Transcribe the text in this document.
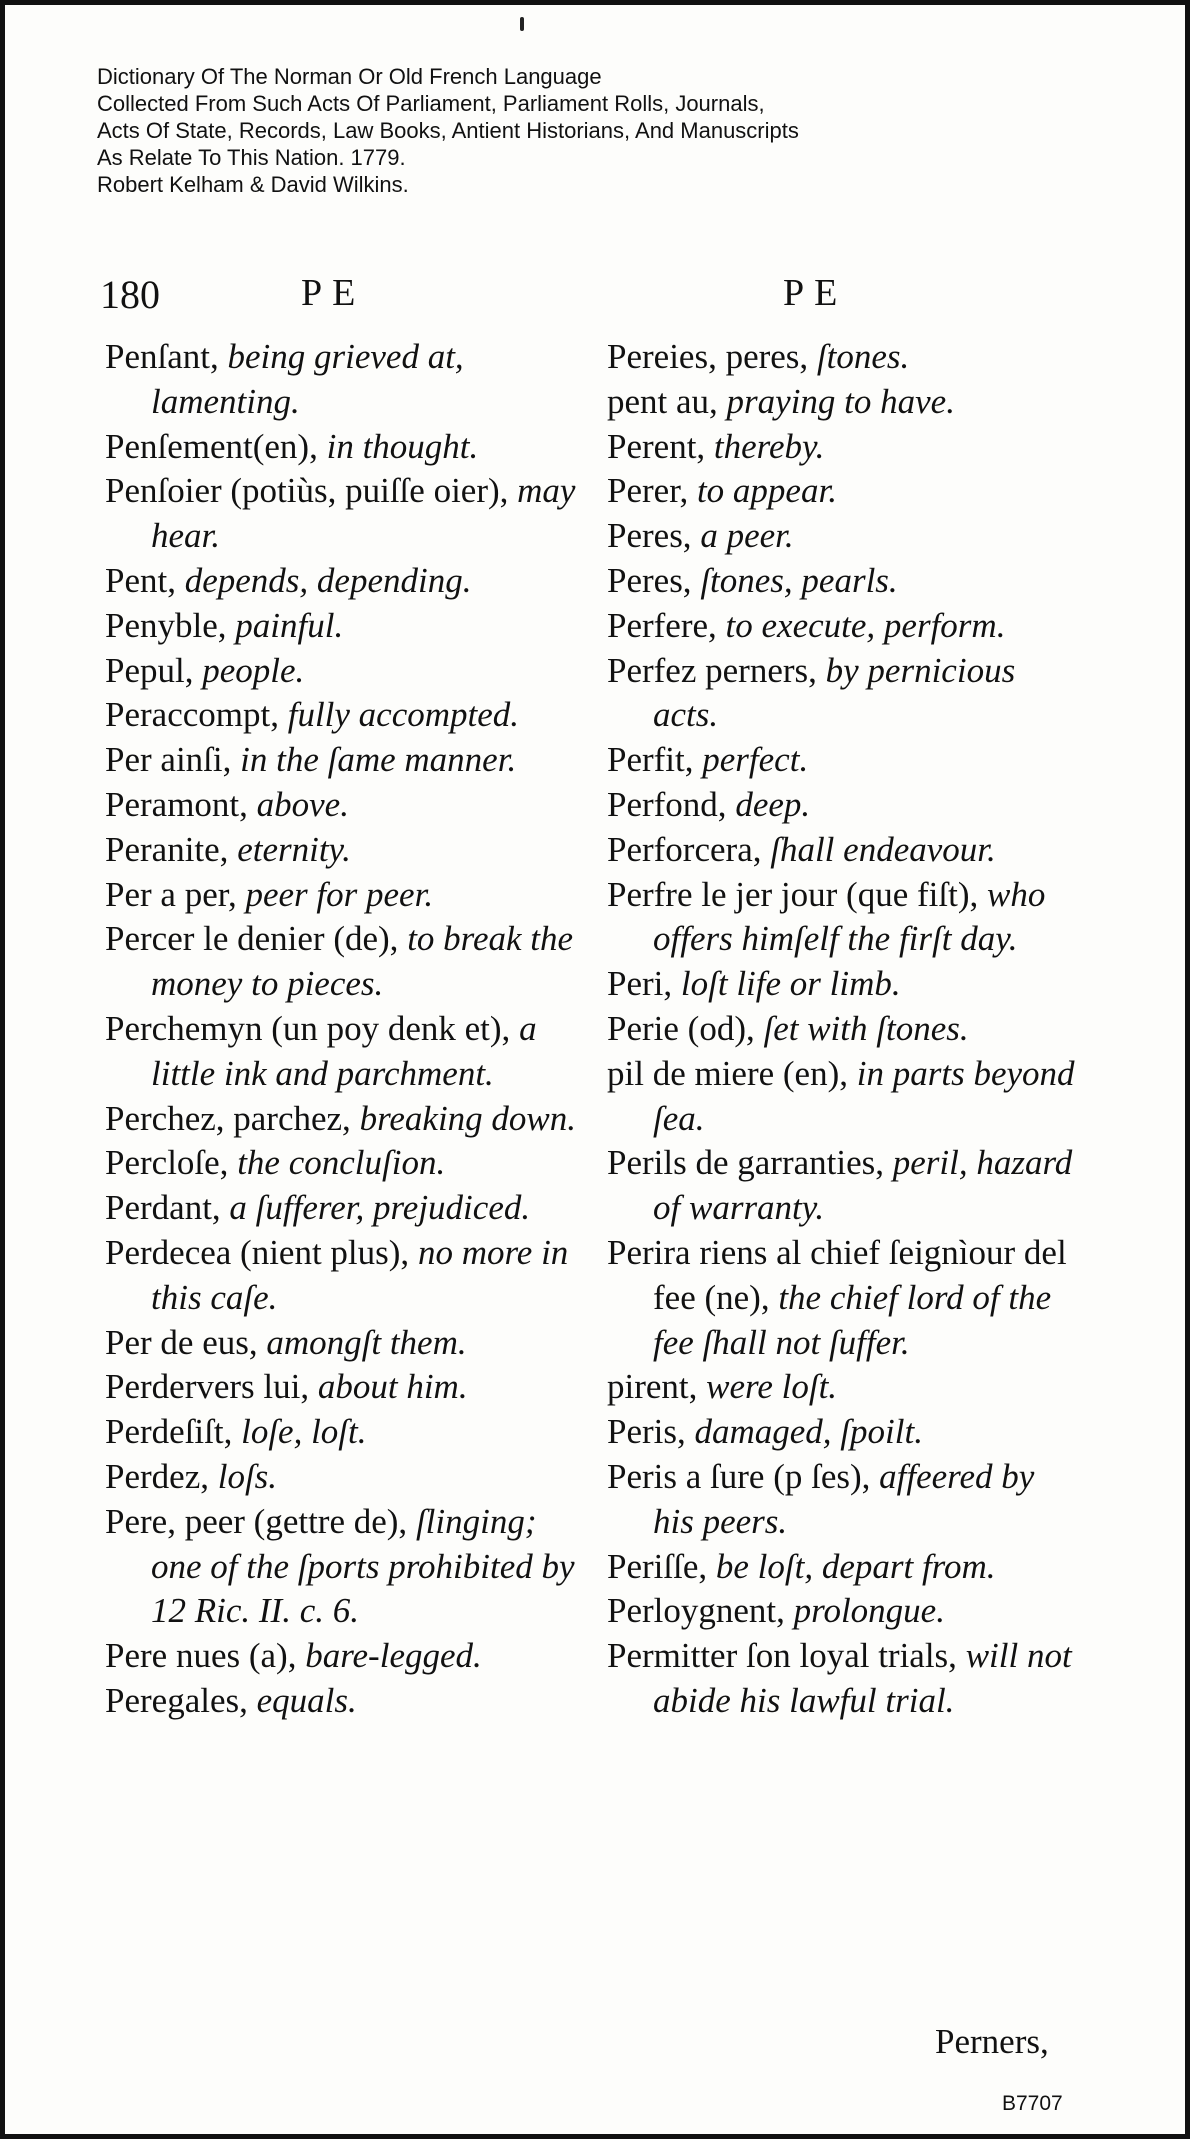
Dictionary Of The Norman Or Old French Language
Collected From Such Acts Of Parliament, Parliament Rolls, Journals,
Acts Of State, Records, Law Books, Antient Historians, And Manuscripts
As Relate To This Nation. 1779.
Robert Kelham & David Wilkins.
180	PE	PE

Penſant, being grieved at, lamenting.

Penſement(en), in thought.

Penſoier (potiùs, puiſſe oier), may hear.

Pent, depends, depending.

Penyble, painful.

Pepul, people.

Peraccompt, fully accompted.

Per ainſi, in the ſame manner.

Peramont, above.

Peranite, eternity.

Per a per, peer for peer.

Percer le denier (de), to break the money to pieces.

Perchemyn (un poy denk et), a little ink and parchment.

Perchez, parchez, breaking down.

Percloſe, the concluſion.

Perdant, a ſufferer, prejudiced.

Perdecea (nient plus), no more in this caſe.

Per de eus, amongſt them.

Perdervers lui, about him.

Perdeſiſt, loſe, loſt.

Perdez, loſs.

Pere, peer (gettre de), ſlinging; one of the ſports prohibited by 12 Ric. II. c. 6.

Pere nues (a), bare-legged.

Peregales, equals.

Pereies, peres, ſtones.

pent au, praying to have.

Perent, thereby.

Perer, to appear.

Peres, a peer.

Peres, ſtones, pearls.

Perfere, to execute, perform.

Perfez perners, by pernicious acts.

Perfit, perfect.

Perfond, deep.

Perforcera, ſhall endeavour.

Perfre le jer jour (que fiſt), who offers himſelf the firſt day.

Peri, loſt life or limb.

Perie (od), ſet with ſtones.

pil de miere (en), in parts beyond ſea.

Perils de garranties, peril, hazard of warranty.

Perira riens al chief ſeignìour del fee (ne), the chief lord of the fee ſhall not ſuffer.

pirent, were loſt.

Peris, damaged, ſpoilt.

Peris a ſure (p ſes), affeered by his peers.

Periſſe, be loſt, depart from.

Perloygnent, prolongue.

Permitter ſon loyal trials, will not abide his lawful trial.

Perners,
B7707
